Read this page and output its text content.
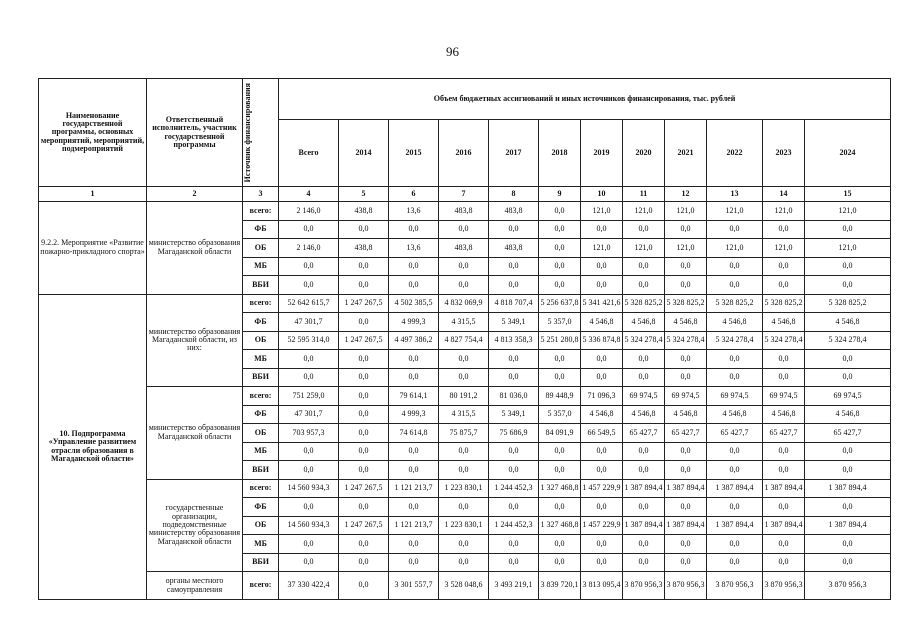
96
Наименование государственной программы, основных мероприятий, мероприятий, подмероприятий	Ответственный исполнитель, участник государственной программы	Источник финансирования	Объем бюджетных ассигнований и иных источников финансирования, тыс. рублей											
			Всего	2014	2015	2016	2017	2018	2019	2020	2021	2022	2023	2024
1	2	3	4	5	6	7	8	9	10	11	12	13	14	15
9.2.2. Мероприятие «Развитие пожарно-прикладного спорта»	министерство образования Магаданской области	всего:	2 146,0	438,8	13,6	483,8	483,8	0,0	121,0	121,0	121,0	121,0	121,0	121,0
		ФБ	0,0	0,0	0,0	0,0	0,0	0,0	0,0	0,0	0,0	0,0	0,0	0,0
		ОБ	2 146,0	438,8	13,6	483,8	483,8	0,0	121,0	121,0	121,0	121,0	121,0	121,0
		МБ	0,0	0,0	0,0	0,0	0,0	0,0	0,0	0,0	0,0	0,0	0,0	0,0
		ВБИ	0,0	0,0	0,0	0,0	0,0	0,0	0,0	0,0	0,0	0,0	0,0	0,0
10. Подпрограмма «Управление развитием отрасли образования в Магаданской области»	министерство образования Магаданской области, из них:	всего:	52 642 615,7	1 247 267,5	4 502 385,5	4 832 069,9	4 818 707,4	5 256 637,8	5 341 421,6	5 328 825,2	5 328 825,2	5 328 825,2	5 328 825,2	5 328 825,2
		ФБ	47 301,7	0,0	4 999,3	4 315,5	5 349,1	5 357,0	4 546,8	4 546,8	4 546,8	4 546,8	4 546,8	4 546,8
		ОБ	52 595 314,0	1 247 267,5	4 497 386,2	4 827 754,4	4 813 358,3	5 251 280,8	5 336 874,8	5 324 278,4	5 324 278,4	5 324 278,4	5 324 278,4	5 324 278,4
		МБ	0,0	0,0	0,0	0,0	0,0	0,0	0,0	0,0	0,0	0,0	0,0	0,0
		ВБИ	0,0	0,0	0,0	0,0	0,0	0,0	0,0	0,0	0,0	0,0	0,0	0,0
	министерство образования Магаданской области	всего:	751 259,0	0,0	79 614,1	80 191,2	81 036,0	89 448,9	71 096,3	69 974,5	69 974,5	69 974,5	69 974,5	69 974,5
		ФБ	47 301,7	0,0	4 999,3	4 315,5	5 349,1	5 357,0	4 546,8	4 546,8	4 546,8	4 546,8	4 546,8	4 546,8
		ОБ	703 957,3	0,0	74 614,8	75 875,7	75 686,9	84 091,9	66 549,5	65 427,7	65 427,7	65 427,7	65 427,7	65 427,7
		МБ	0,0	0,0	0,0	0,0	0,0	0,0	0,0	0,0	0,0	0,0	0,0	0,0
		ВБИ	0,0	0,0	0,0	0,0	0,0	0,0	0,0	0,0	0,0	0,0	0,0	0,0
	государственные организации, подведомственные министерству образования Магаданской области	всего:	14 560 934,3	1 247 267,5	1 121 213,7	1 223 830,1	1 244 452,3	1 327 468,8	1 457 229,9	1 387 894,4	1 387 894,4	1 387 894,4	1 387 894,4	1 387 894,4
		ФБ	0,0	0,0	0,0	0,0	0,0	0,0	0,0	0,0	0,0	0,0	0,0	0,0
		ОБ	14 560 934,3	1 247 267,5	1 121 213,7	1 223 830,1	1 244 452,3	1 327 468,8	1 457 229,9	1 387 894,4	1 387 894,4	1 387 894,4	1 387 894,4	1 387 894,4
		МБ	0,0	0,0	0,0	0,0	0,0	0,0	0,0	0,0	0,0	0,0	0,0	0,0
		ВБИ	0,0	0,0	0,0	0,0	0,0	0,0	0,0	0,0	0,0	0,0	0,0	0,0
	органы местного самоуправления	всего:	37 330 422,4	0,0	3 301 557,7	3 528 048,6	3 493 219,1	3 839 720,1	3 813 095,4	3 870 956,3	3 870 956,3	3 870 956,3	3 870 956,3	3 870 956,3
